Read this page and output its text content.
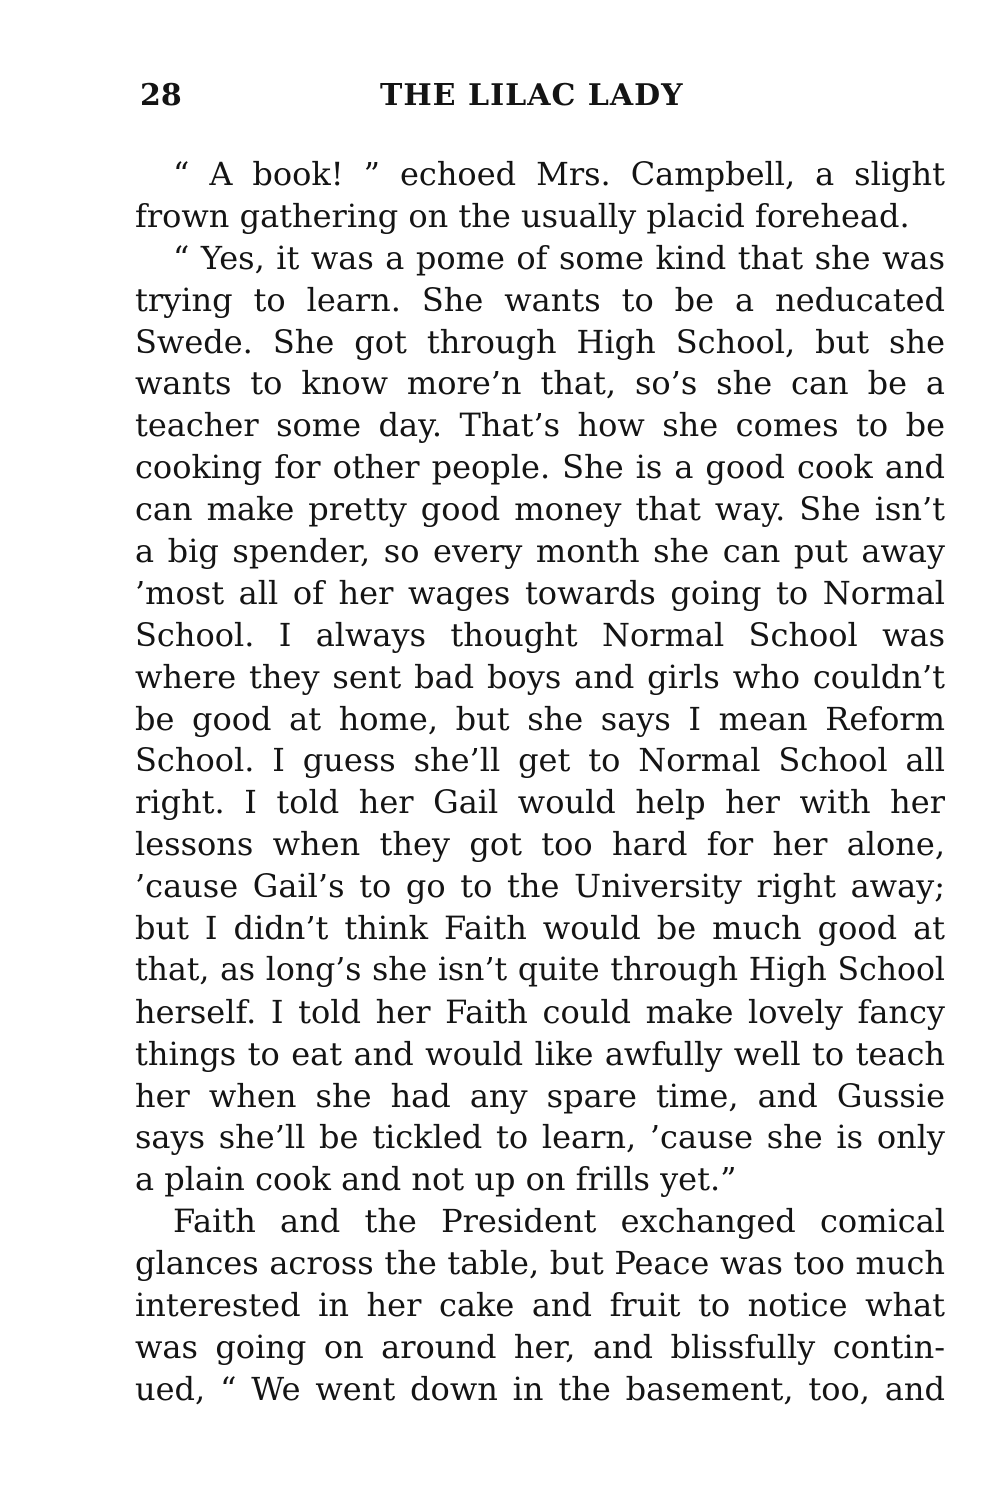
28	THE LILAC LADY
“ A book! ” echoed Mrs. Campbell, a slight
frown gathering on the usually placid forehead.
“ Yes, it was a pome of some kind that she was
trying to learn. She wants to be a neducated
Swede. She got through High School, but she
wants to know more’n that, so’s she can be a
teacher some day. That’s how she comes to be
cooking for other people. She is a good cook and
can make pretty good money that way. She isn’t
a big spender, so every month she can put away
’most all of her wages towards going to Normal
School. I always thought Normal School was
where they sent bad boys and girls who couldn’t
be good at home, but she says I mean Reform
School. I guess she’ll get to Normal School all
right. I told her Gail would help her with her
lessons when they got too hard for her alone,
’cause Gail’s to go to the University right away;
but I didn’t think Faith would be much good at
that, as long’s she isn’t quite through High School
herself. I told her Faith could make lovely fancy
things to eat and would like awfully well to teach
her when she had any spare time, and Gussie
says she’ll be tickled to learn, ’cause she is only
a plain cook and not up on frills yet.”
Faith and the President exchanged comical
glances across the table, but Peace was too much
interested in her cake and fruit to notice what
was going on around her, and blissfully contin-
ued, “ We went down in the basement, too, and
